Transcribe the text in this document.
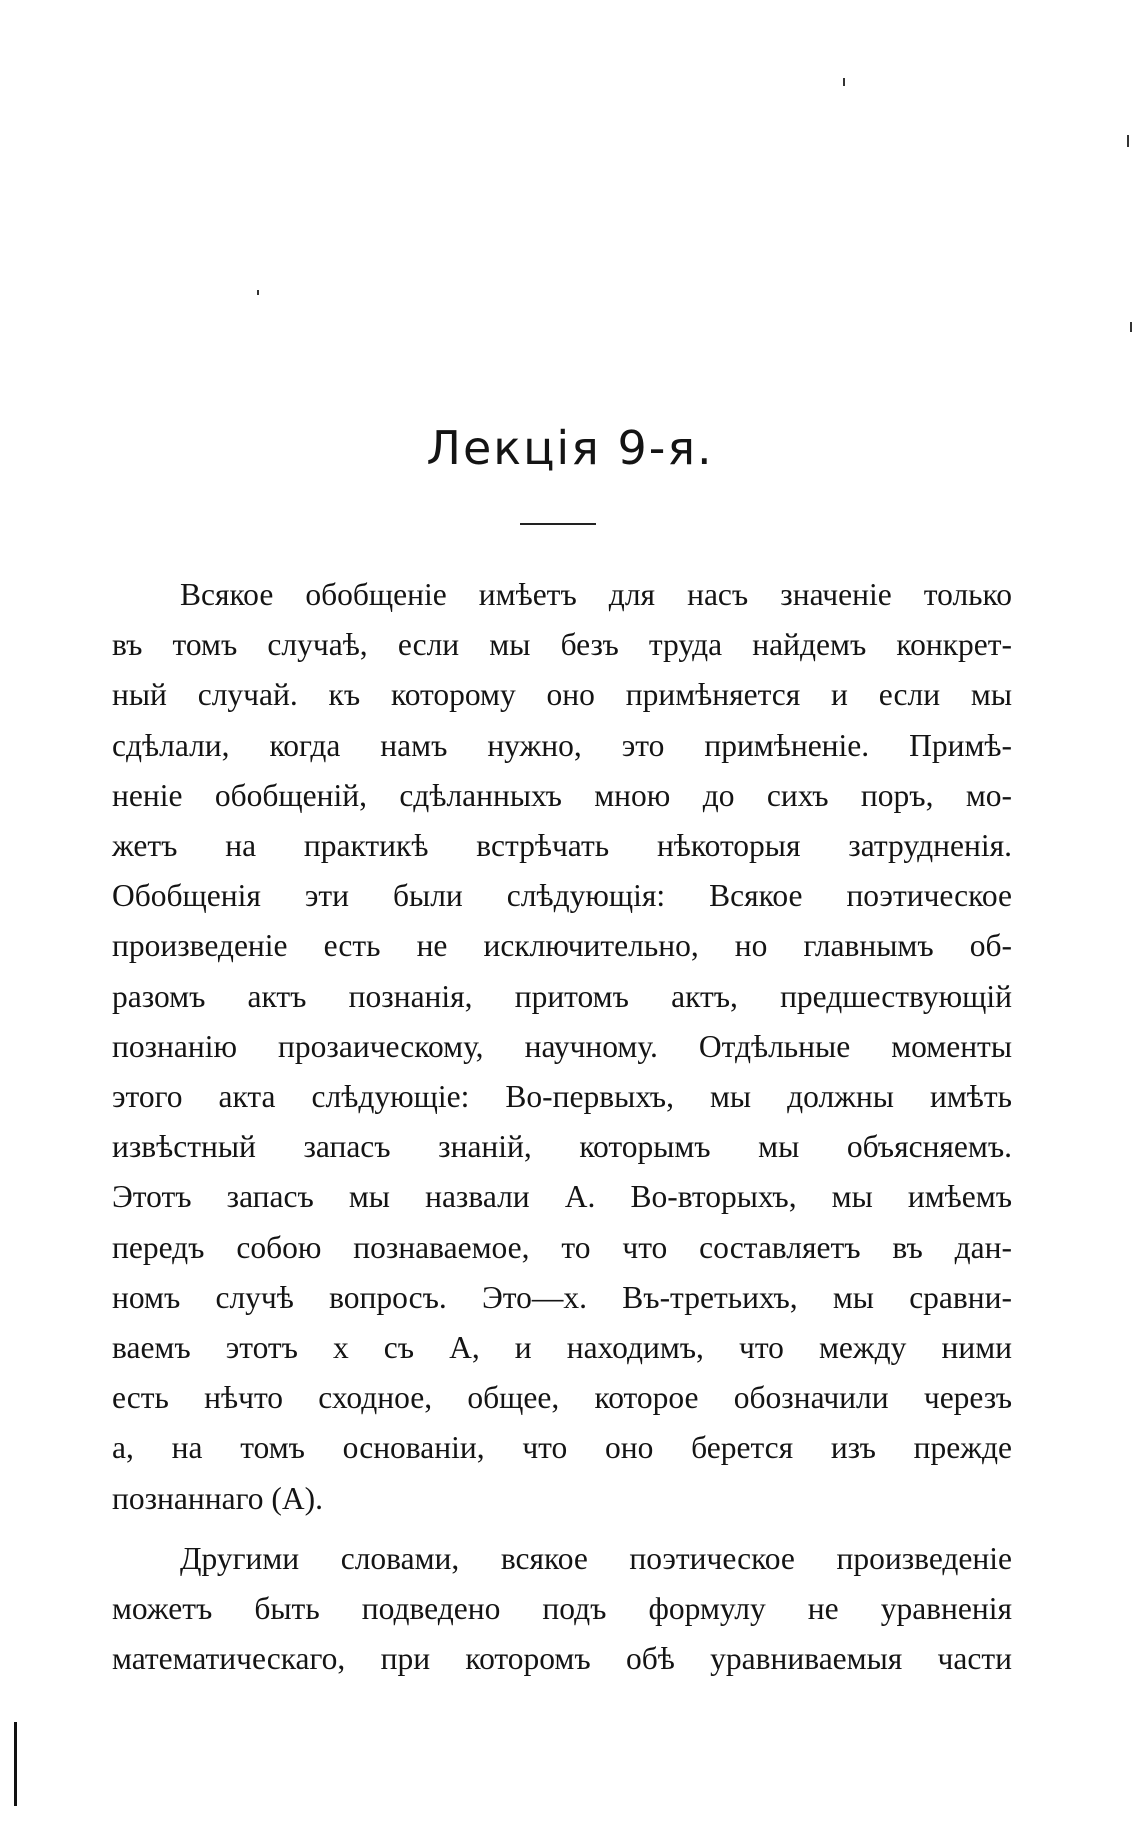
Лекція 9-я.
Всякое обобщеніе имѣетъ для насъ значеніе только
въ томъ случаѣ, если мы безъ труда найдемъ конкрет-
ный случай. къ которому оно примѣняется и если мы
сдѣлали, когда намъ нужно, это примѣненіе. Примѣ-
неніе обобщеній, сдѣланныхъ мною до сихъ поръ, мо-
жетъ на практикѣ встрѣчать нѣкоторыя затрудненія.
Обобщенія эти были слѣдующія: Всякое поэтическое
произведеніе есть не исключительно, но главнымъ об-
разомъ актъ познанія, притомъ актъ, предшествующій
познанію прозаическому, научному. Отдѣльные моменты
этого акта слѣдующіе: Во-первыхъ, мы должны имѣть
извѣстный запасъ знаній, которымъ мы объясняемъ.
Этотъ запасъ мы назвали А. Во-вторыхъ, мы имѣемъ
передъ собою познаваемое, то что составляетъ въ дан-
номъ случѣ вопросъ. Это—x. Въ-третьихъ, мы сравни-
ваемъ этотъ x съ А, и находимъ, что между ними
есть нѣчто сходное, общее, которое обозначили черезъ
a, на томъ основаніи, что оно берется изъ прежде
познаннаго (А).
Другими словами, всякое поэтическое произведеніе
можетъ быть подведено подъ формулу не уравненія
математическаго, при которомъ обѣ уравниваемыя части
